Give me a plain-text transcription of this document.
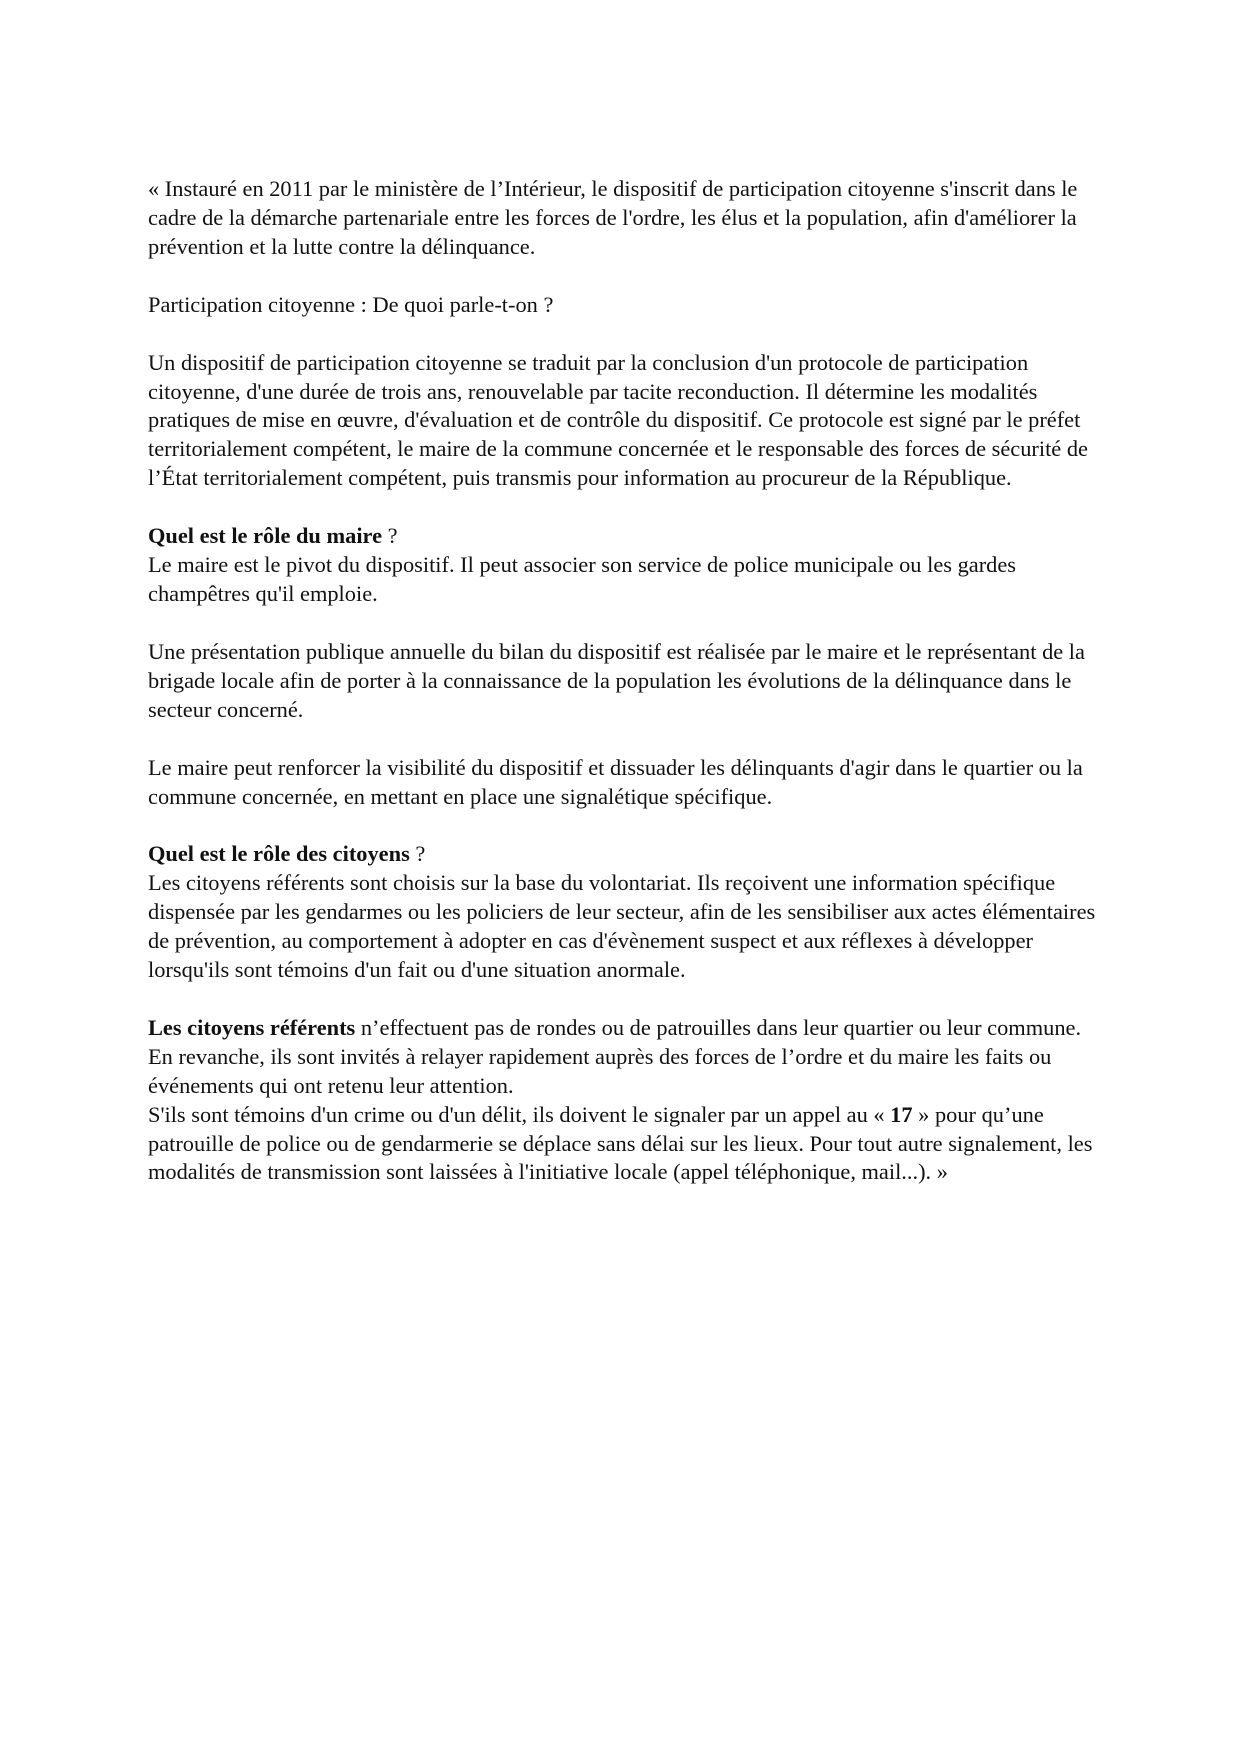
« Instauré en 2011 par le ministère de l’Intérieur, le dispositif de participation citoyenne s'inscrit dans le cadre de la démarche partenariale entre les forces de l'ordre, les élus et la population, afin d'améliorer la prévention et la lutte contre la délinquance.

Participation citoyenne : De quoi parle-t-on ?

Un dispositif de participation citoyenne se traduit par la conclusion d'un protocole de participation citoyenne, d'une durée de trois ans, renouvelable par tacite reconduction. Il détermine les modalités pratiques de mise en œuvre, d'évaluation et de contrôle du dispositif. Ce protocole est signé par le préfet territorialement compétent, le maire de la commune concernée et le responsable des forces de sécurité de l’État territorialement compétent, puis transmis pour information au procureur de la République.

Quel est le rôle du maire ?

Le maire est le pivot du dispositif. Il peut associer son service de police municipale ou les gardes champêtres qu'il emploie.

Une présentation publique annuelle du bilan du dispositif est réalisée par le maire et le représentant de la brigade locale afin de porter à la connaissance de la population les évolutions de la délinquance dans le secteur concerné.

Le maire peut renforcer la visibilité du dispositif et dissuader les délinquants d'agir dans le quartier ou la commune concernée, en mettant en place une signalétique spécifique.

Quel est le rôle des citoyens ?

Les citoyens référents sont choisis sur la base du volontariat. Ils reçoivent une information spécifique dispensée par les gendarmes ou les policiers de leur secteur, afin de les sensibiliser aux actes élémentaires de prévention, au comportement à adopter en cas d'évènement suspect et aux réflexes à développer lorsqu'ils sont témoins d'un fait ou d'une situation anormale.

Les citoyens référents n’effectuent pas de rondes ou de patrouilles dans leur quartier ou leur commune. En revanche, ils sont invités à relayer rapidement auprès des forces de l’ordre et du maire les faits ou événements qui ont retenu leur attention.

S'ils sont témoins d'un crime ou d'un délit, ils doivent le signaler par un appel au « 17 » pour qu’une patrouille de police ou de gendarmerie se déplace sans délai sur les lieux. Pour tout autre signalement, les modalités de transmission sont laissées à l'initiative locale (appel téléphonique, mail...). »
